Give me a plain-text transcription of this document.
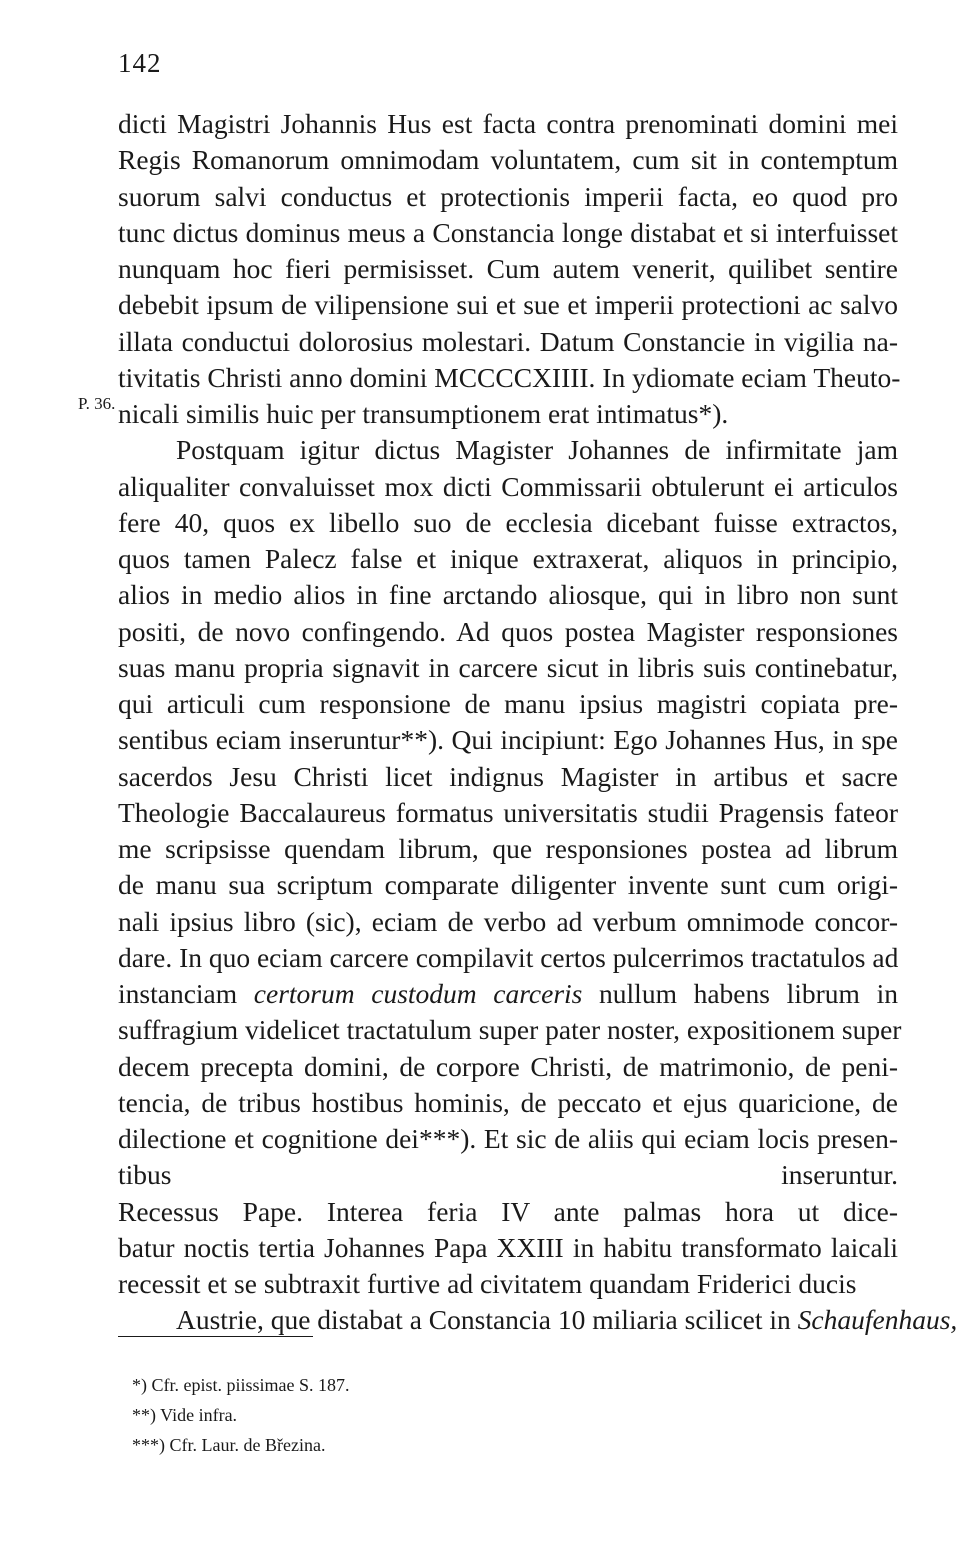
142
P. 36.
dicti Magistri Johannis Hus est facta contra prenominati domini mei
Regis Romanorum omnimodam voluntatem, cum sit in contemptum
suorum salvi conductus et protectionis imperii facta, eo quod pro
tunc dictus dominus meus a Constancia longe distabat et si interfuisset
nunquam hoc fieri permisisset. Cum autem venerit, quilibet sentire
debebit ipsum de vilipensione sui et sue et imperii protectioni ac salvo
illata conductui dolorosius molestari. Datum Constancie in vigilia na-
tivitatis Christi anno domini MCCCCXIIII. In ydiomate eciam Theuto-
nicali similis huic per transumptionem erat intimatus*).
Postquam igitur dictus Magister Johannes de infirmitate jam
aliqualiter convaluisset mox dicti Commissarii obtulerunt ei articulos
fere 40, quos ex libello suo de ecclesia dicebant fuisse extractos,
quos tamen Palecz false et inique extraxerat, aliquos in principio,
alios in medio alios in fine arctando aliosque, qui in libro non sunt
positi, de novo confingendo. Ad quos postea Magister responsiones
suas manu propria signavit in carcere sicut in libris suis continebatur,
qui articuli cum responsione de manu ipsius magistri copiata pre-
sentibus eciam inseruntur**). Qui incipiunt: Ego Johannes Hus, in spe
sacerdos Jesu Christi licet indignus Magister in artibus et sacre
Theologie Baccalaureus formatus universitatis studii Pragensis fateor
me scripsisse quendam librum, que responsiones postea ad librum
de manu sua scriptum comparate diligenter invente sunt cum origi-
nali ipsius libro (sic), eciam de verbo ad verbum omnimode concor-
dare. In quo eciam carcere compilavit certos pulcerrimos tractatulos ad
instanciam certorum custodum carceris nullum habens librum in
suffragium videlicet tractatulum super pater noster, expositionem super
decem precepta domini, de corpore Christi, de matrimonio, de peni-
tencia, de tribus hostibus hominis, de peccato et ejus quaricione, de
dilectione et cognitione dei***). Et sic de aliis qui eciam locis presen-
tibus inseruntur.
Recessus Pape. Interea feria IV ante palmas hora ut dice-
batur noctis tertia Johannes Papa XXIII in habitu transformato laicali
recessit et se subtraxit furtive ad civitatem quandam Friderici ducis
Austrie, que distabat a Constancia 10 miliaria scilicet in Schaufenhaus,
*) Cfr. epist. piissimae S. 187.
**) Vide infra.
***) Cfr. Laur. de Březina.
